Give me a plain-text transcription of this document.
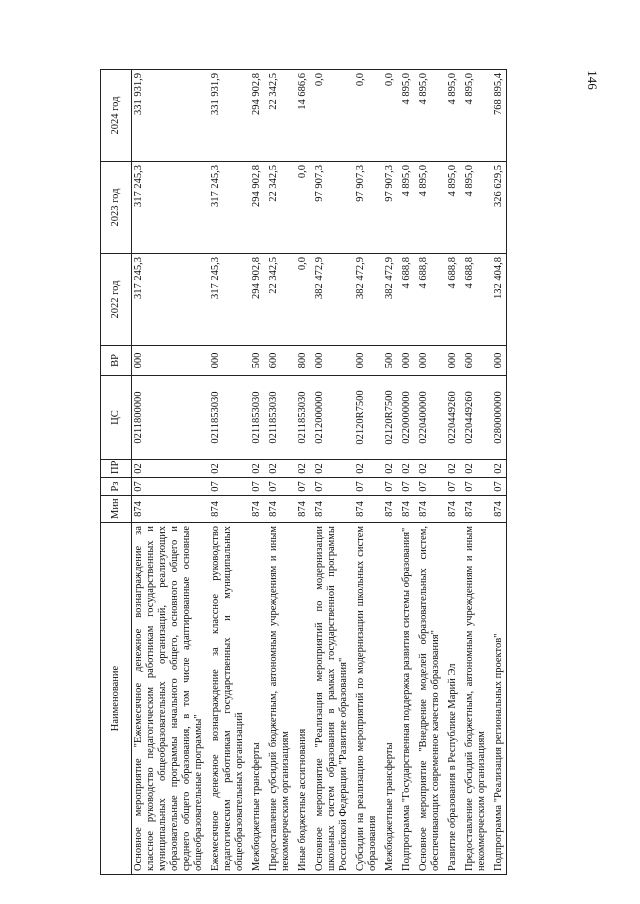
146
Наименование	Мин	Рз	ПР	ЦС	ВР	2022 год	2023 год	2024 год
Основное мероприятие "Ежемесячное денежное вознаграждение за классное руководство педагогическим работникам государственных и муниципальных общеобразовательных организаций, реализующих образовательные программы начального общего, основного общего и среднего общего образования, в том числе адаптированные основные общеобразовательные программы"	874	07	02	0211800000	000	317 245,3	317 245,3	331 931,9
Ежемесячное денежное вознаграждение за классное руководство педагогическим работникам государственных и муниципальных общеобразовательных организаций	874	07	02	0211853030	000	317 245,3	317 245,3	331 931,9
Межбюджетные трансферты	874	07	02	0211853030	500	294 902,8	294 902,8	294 902,8
Предоставление субсидий бюджетным, автономным учреждениям и иным некоммерческим организациям	874	07	02	0211853030	600	22 342,5	22 342,5	22 342,5
Иные бюджетные ассигнования	874	07	02	0211853030	800	0,0	0,0	14 686,6
Основное мероприятие "Реализация мероприятий по модернизации школьных систем образования в рамках государственной программы Российской Федерации "Развитие образования"	874	07	02	0212000000	000	382 472,9	97 907,3	0,0
Субсидии на реализацию мероприятий по модернизации школьных систем образования	874	07	02	02120R7500	000	382 472,9	97 907,3	0,0
Межбюджетные трансферты	874	07	02	02120R7500	500	382 472,9	97 907,3	0,0
Подпрограмма "Государственная поддержка развития системы образования"	874	07	02	0220000000	000	4 688,8	4 895,0	4 895,0
Основное мероприятие "Внедрение моделей образовательных систем, обеспечивающих современное качество образования"	874	07	02	0220400000	000	4 688,8	4 895,0	4 895,0
Развитие образования в Республике Марий Эл	874	07	02	0220449260	000	4 688,8	4 895,0	4 895,0
Предоставление субсидий бюджетным, автономным учреждениям и иным некоммерческим организациям	874	07	02	0220449260	600	4 688,8	4 895,0	4 895,0
Подпрограмма "Реализация региональных проектов"	874	07	02	0280000000	000	132 404,8	326 629,5	768 895,4
